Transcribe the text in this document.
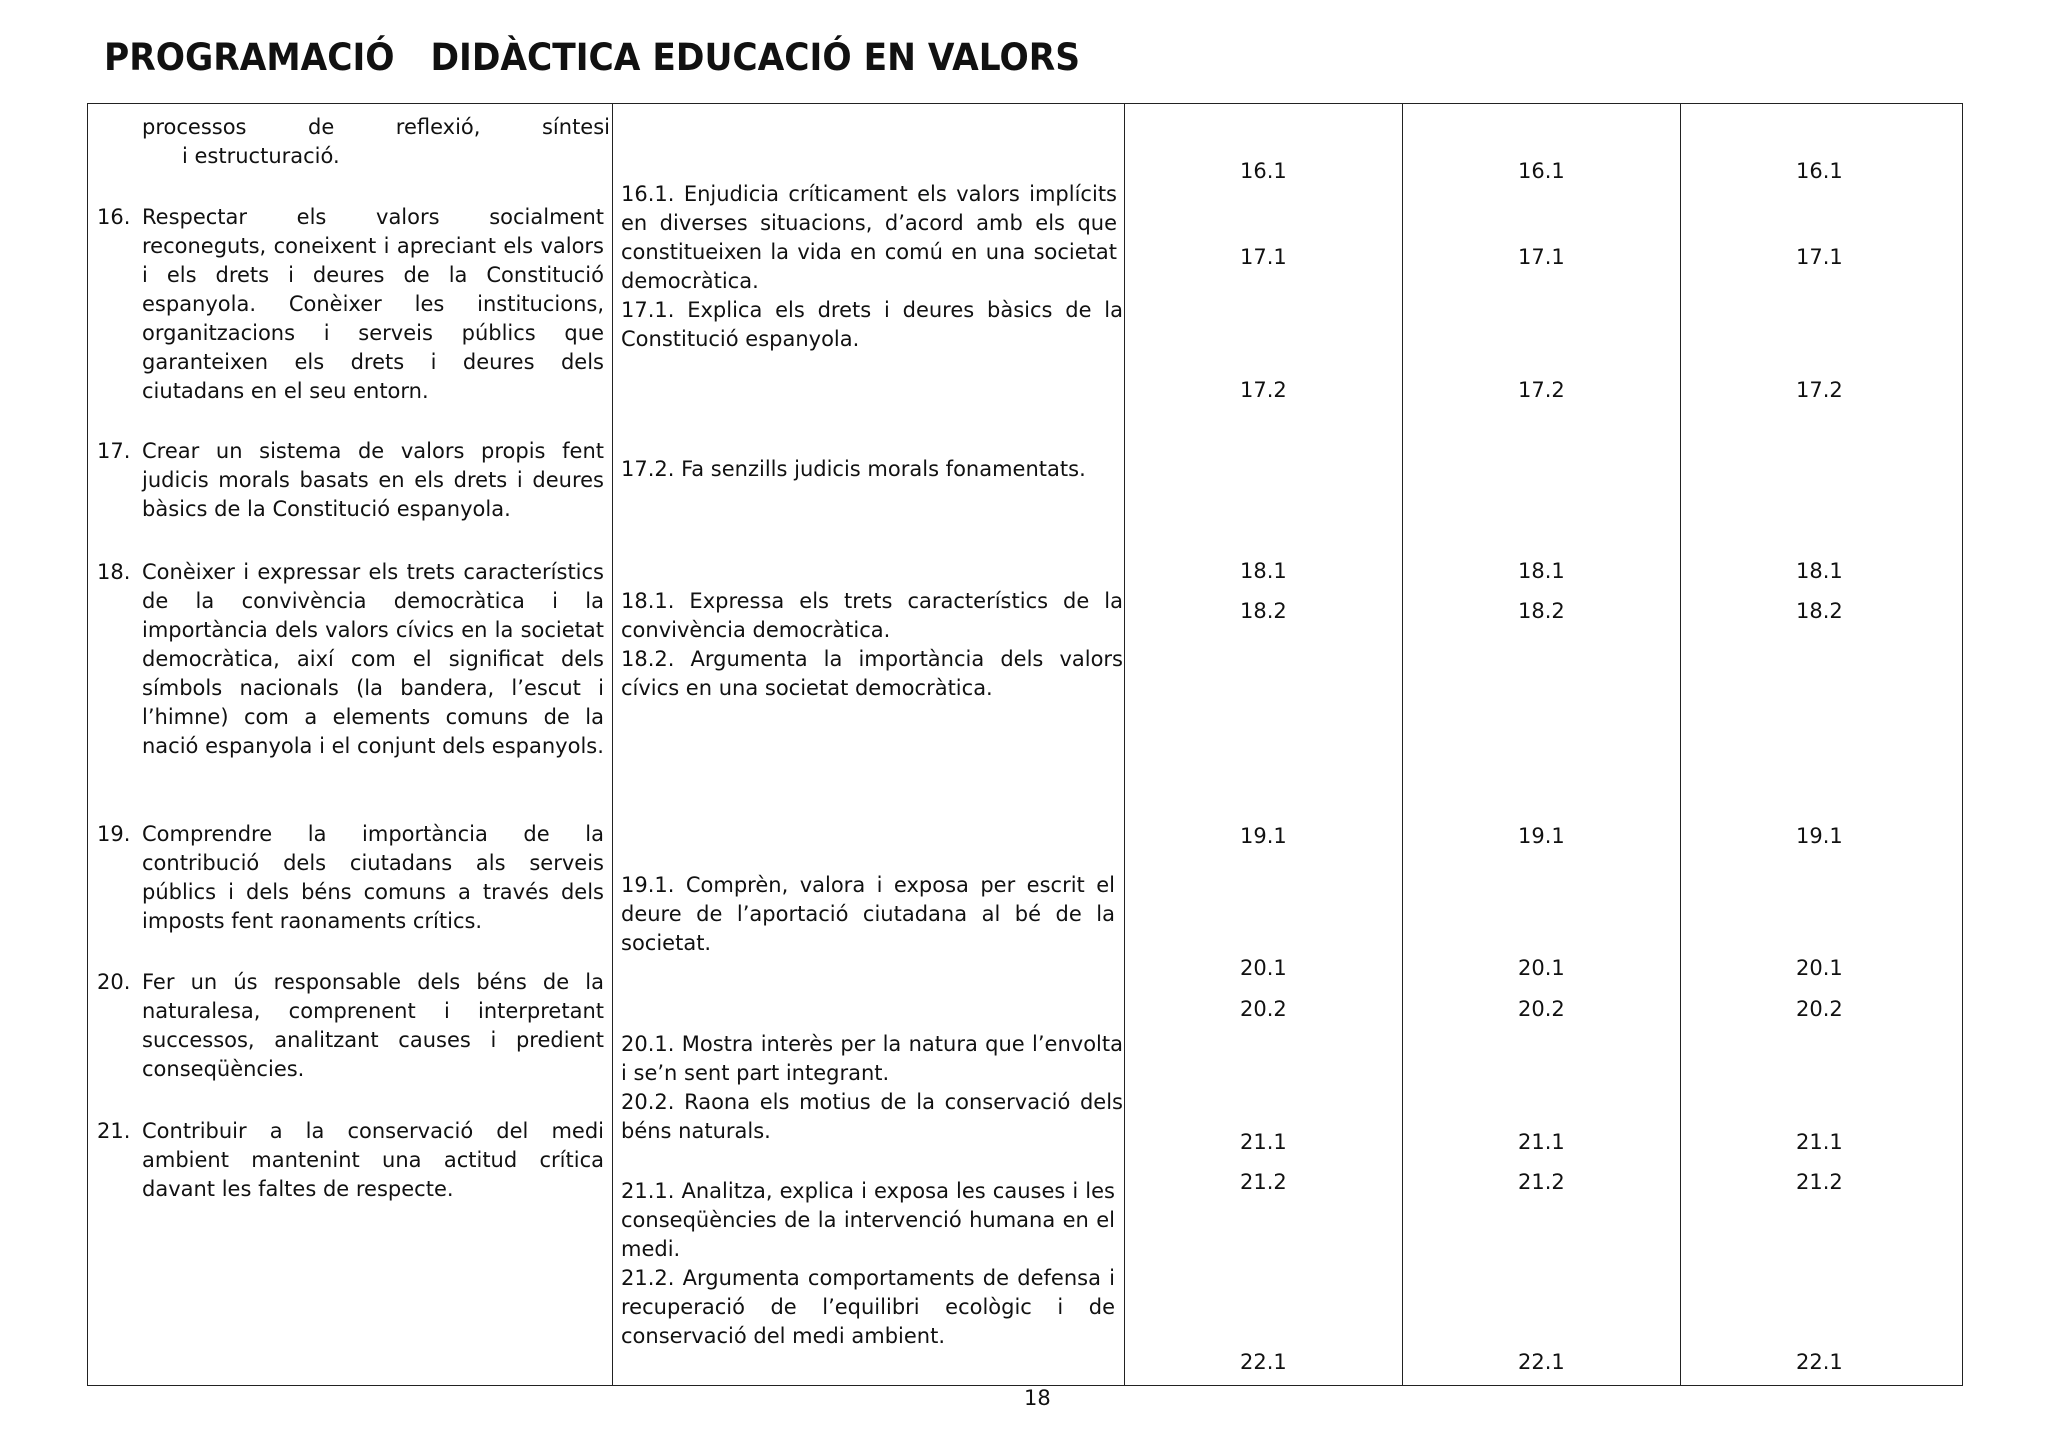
PROGRAMACIÓ   DIDÀCTICA EDUCACIÓ EN VALORS
processos de reflexió, síntesi
i estructuració.
16. Respectar els valors socialment reconeguts, coneixent i apreciant els valors i els drets i deures de la Constitució espanyola. Conèixer les institucions, organitzacions i serveis públics que garanteixen els drets i deures dels ciutadans en el seu entorn.
17. Crear un sistema de valors propis fent judicis morals basats en els drets i deures bàsics de la Constitució espanyola.
18. Conèixer i expressar els trets característics de la convivència democràtica i la importància dels valors cívics en la societat democràtica, així com el significat dels símbols nacionals (la bandera, l’escut i l’himne) com a elements comuns de la nació espanyola i el conjunt dels espanyols.
19. Comprendre la importància de la contribució dels ciutadans als serveis públics i dels béns comuns a través dels imposts fent raonaments crítics.
20. Fer un ús responsable dels béns de la naturalesa, comprenent i interpretant successos, analitzant causes i predient conseqüències.
21. Contribuir a la conservació del medi ambient mantenint una actitud crítica davant les faltes de respecte.
16.1. Enjudicia críticament els valors implícits en diverses situacions, d’acord amb els que constitueixen la vida en comú en una societat democràtica.
17.1. Explica els drets i deures bàsics de la Constitució espanyola.
17.2. Fa senzills judicis morals fonamentats.
18.1. Expressa els trets característics de la convivència democràtica.
18.2. Argumenta la importància dels valors cívics en una societat democràtica.
19.1. Comprèn, valora i exposa per escrit el deure de l’aportació ciutadana al bé de la societat.
20.1. Mostra interès per la natura que l’envolta i se’n sent part integrant.
20.2. Raona els motius de la conservació dels béns naturals.
21.1. Analitza, explica i exposa les causes i les conseqüències de la intervenció humana en el medi.
21.2. Argumenta comportaments de defensa i recuperació de l’equilibri ecològic i de conservació del medi ambient.
16.1
17.1
17.2
18.1
18.2
19.1
20.1
20.2
21.1
21.2
22.1
16.1
17.1
17.2
18.1
18.2
19.1
20.1
20.2
21.1
21.2
22.1
16.1
17.1
17.2
18.1
18.2
19.1
20.1
20.2
21.1
21.2
22.1
18
